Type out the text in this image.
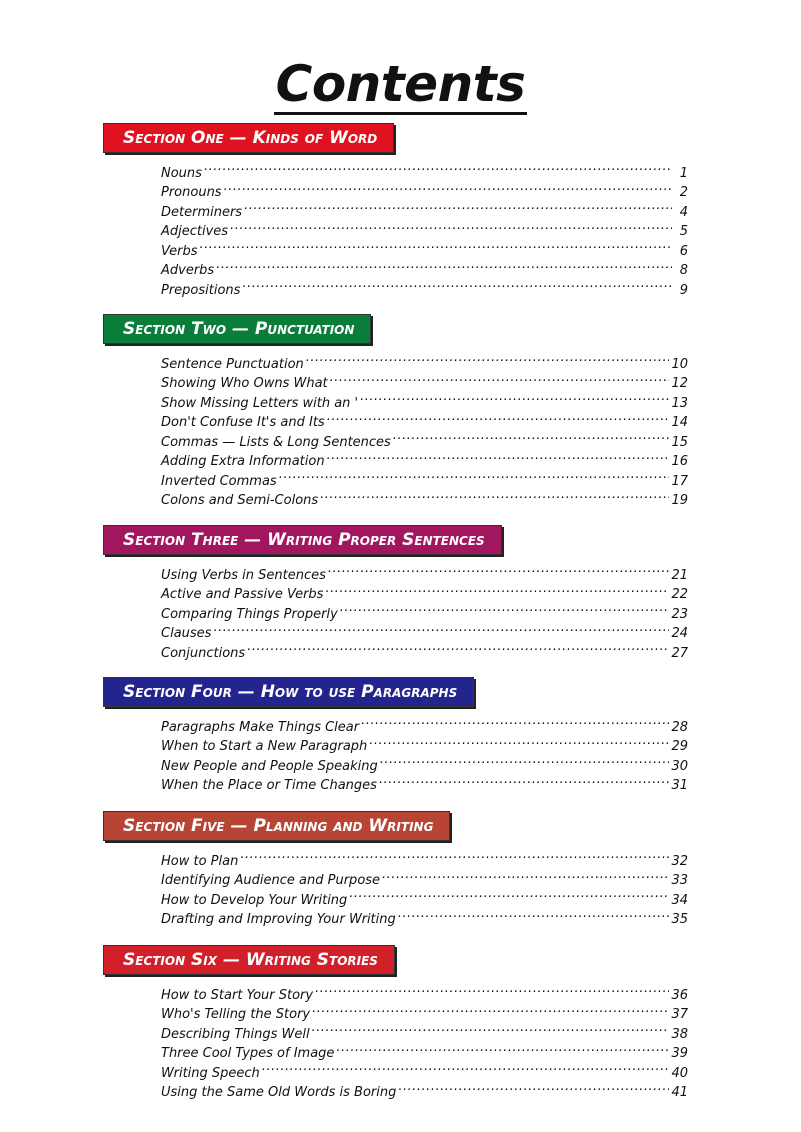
Contents
Section One — Kinds of Word
Nouns .....	1
Pronouns .....	2
Determiners .....	4
Adjectives .....	5
Verbs .....	6
Adverbs .....	8
Prepositions .....	9
Section Two — Punctuation
Sentence Punctuation .....	10
Showing Who Owns What .....	12
Show Missing Letters with an ' .....	13
Don't Confuse It's and Its .....	14
Commas — Lists & Long Sentences .....	15
Adding Extra Information .....	16
Inverted Commas .....	17
Colons and Semi-Colons .....	19
Section Three — Writing Proper Sentences
Using Verbs in Sentences .....	21
Active and Passive Verbs .....	22
Comparing Things Properly .....	23
Clauses .....	24
Conjunctions .....	27
Section Four — How to use Paragraphs
Paragraphs Make Things Clear .....	28
When to Start a New Paragraph .....	29
New People and People Speaking .....	30
When the Place or Time Changes .....	31
Section Five — Planning and Writing
How to Plan .....	32
Identifying Audience and Purpose .....	33
How to Develop Your Writing .....	34
Drafting and Improving Your Writing .....	35
Section Six — Writing Stories
How to Start Your Story .....	36
Who's Telling the Story .....	37
Describing Things Well .....	38
Three Cool Types of Image .....	39
Writing Speech .....	40
Using the Same Old Words is Boring .....	41
